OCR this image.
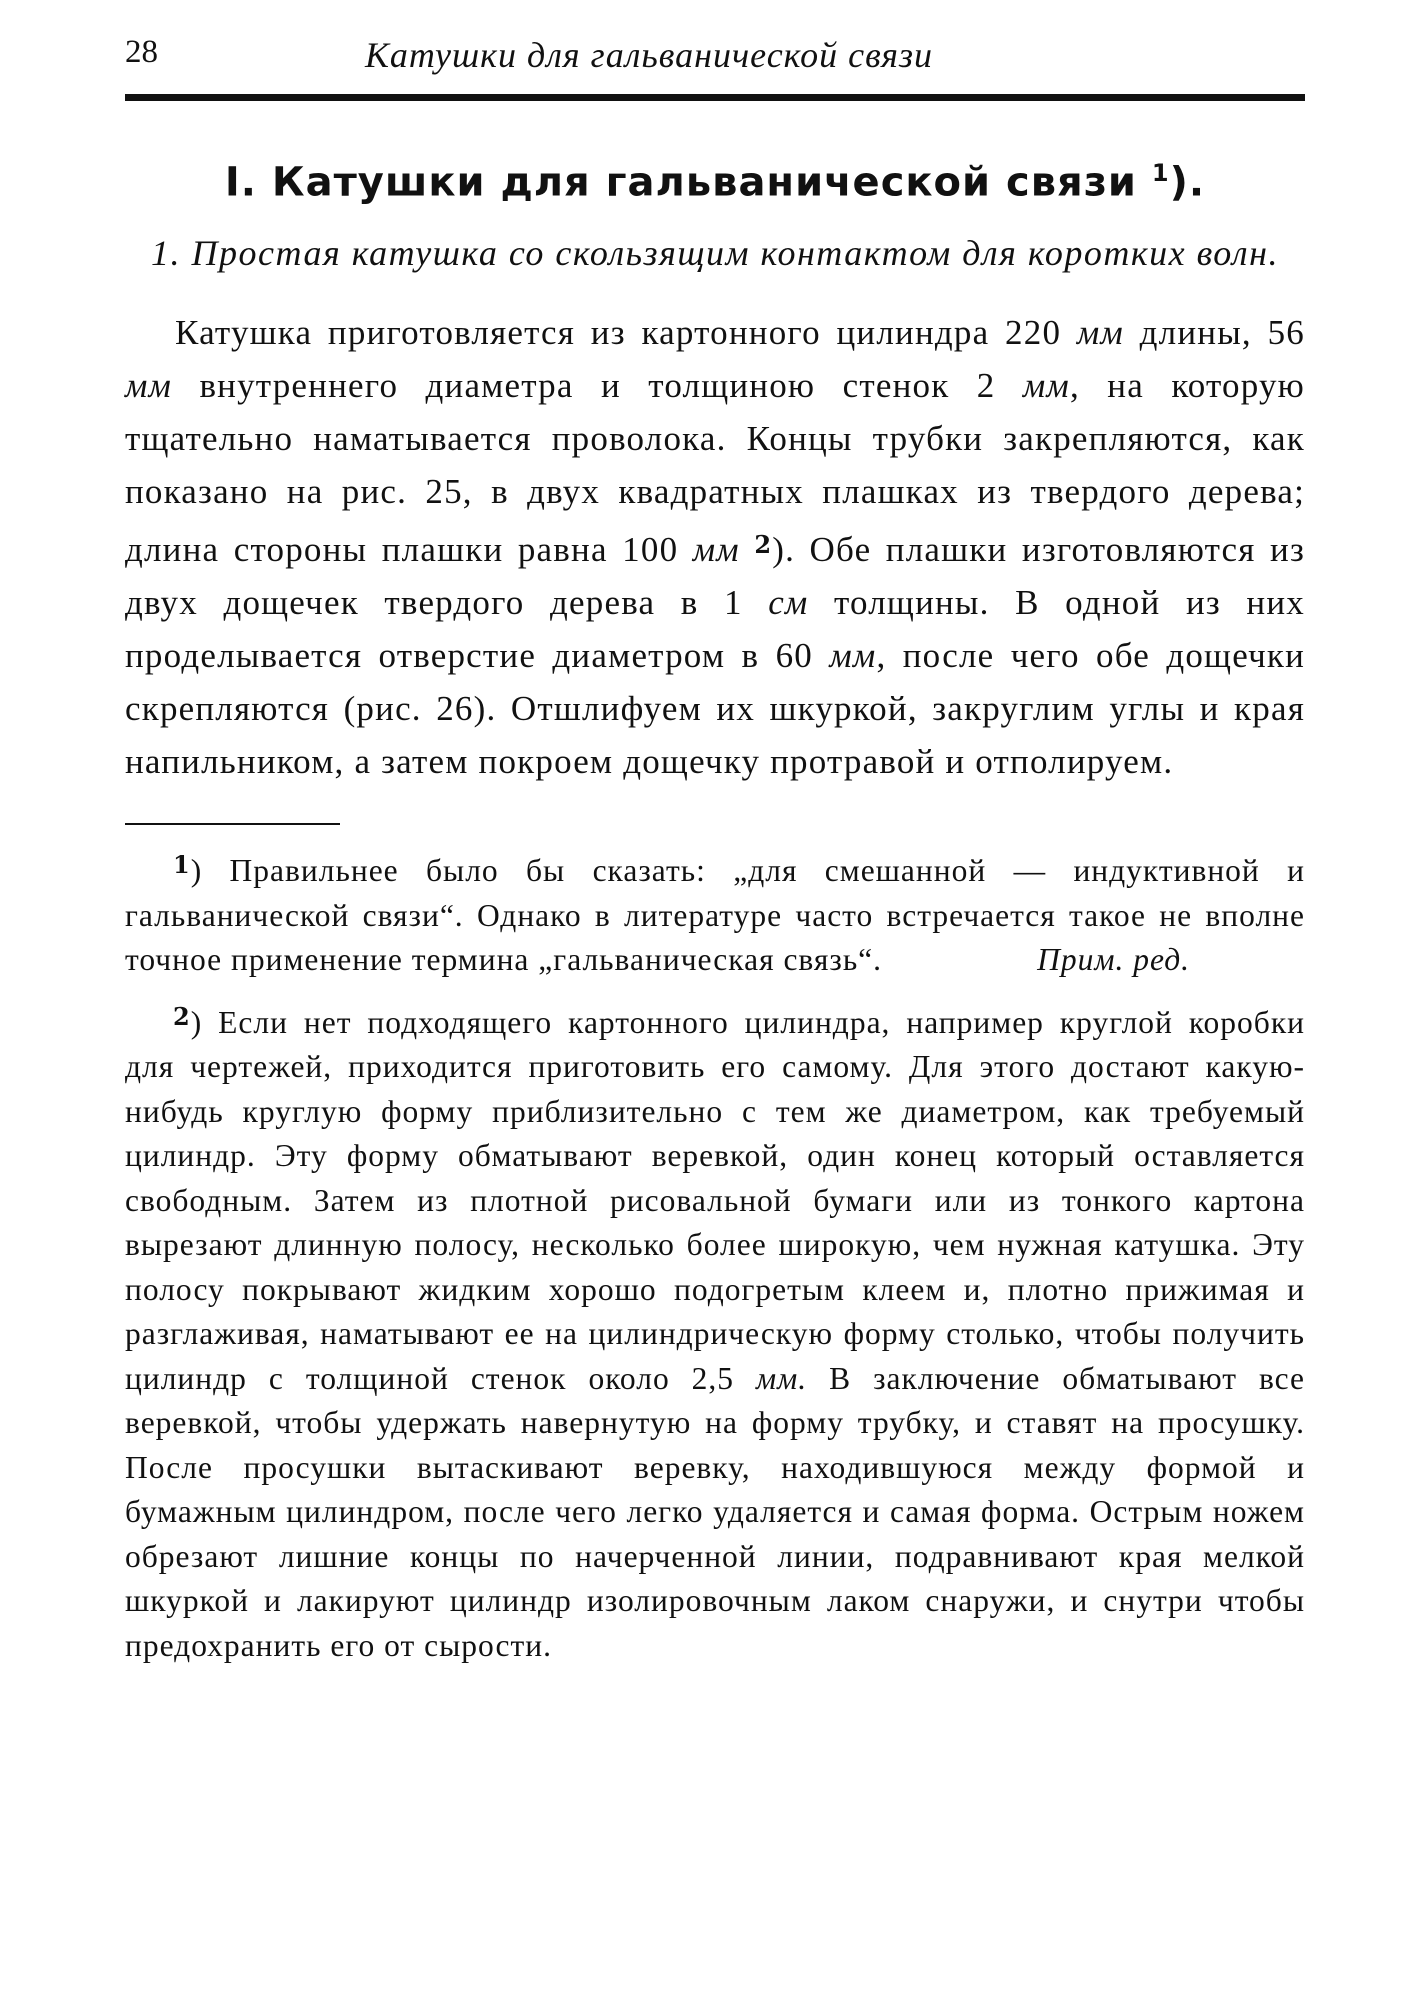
28	Катушки для гальванической связи
I. Катушки для гальванической связи $^1$).
1. Простая катушка со скользящим контактом для коротких волн.

Катушка приготовляется из картонного цилиндра 220 мм длины, 56 мм внутреннего диаметра и толщиною стенок 2 мм, на которую тщательно наматывается проволока. Концы трубки закрепляются, как показано на рис. 25, в двух квадратных плашках из твердого дерева; длина стороны плашки равна 100 мм $^2$). Обе плашки изготовляются из двух дощечек твердого дерева в 1 см толщины. В одной из них проделывается отверстие диаметром в 60 мм, после чего обе дощечки скрепляются (рис. 26). Отшлифуем их шкуркой, закруглим углы и края напильником, а затем покроем дощечку протравой и отполируем.

$^1$) Правильнее было бы сказать: „для смешанной — индуктивной и гальванической связи“. Однако в литературе часто встречается такое не вполне точное применение термина „гальваническая связь“.	Прим. ред.

$^2$) Если нет подходящего картонного цилиндра, например круглой коробки для чертежей, приходится приготовить его самому. Для этого достают какую-нибудь круглую форму приблизительно с тем же диаметром, как требуемый цилиндр. Эту форму обматывают веревкой, один конец который оставляется свободным. Затем из плотной рисовальной бумаги или из тонкого картона вырезают длинную полосу, несколько более широкую, чем нужная катушка. Эту полосу покрывают жидким хорошо подогретым клеем и, плотно прижимая и разглаживая, наматывают ее на цилиндрическую форму столько, чтобы получить цилиндр с толщиной стенок около 2,5 мм. В заключение обматывают все веревкой, чтобы удержать навернутую на форму трубку, и ставят на просушку. После просушки вытаскивают веревку, находившуюся между формой и бумажным цилиндром, после чего легко удаляется и самая форма. Острым ножем обрезают лишние концы по начерченной линии, подравнивают края мелкой шкуркой и лакируют цилиндр изолировочным лаком снаружи, и снутри чтобы предохранить его от сырости.
